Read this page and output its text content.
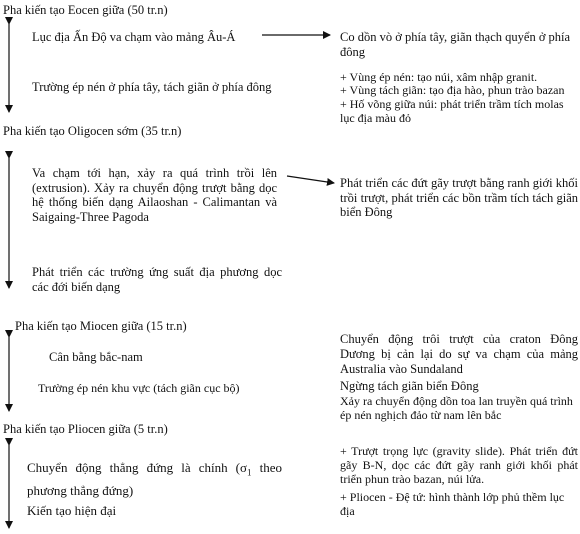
Pha kiến tạo Eocen giữa (50 tr.n)
Lục địa Ấn Độ va chạm vào mảng Âu-Á
Trường ép nén ở phía tây, tách giãn ở phía đông
Co dồn vò ở phía tây, giãn thạch quyển ở phía đông
+ Vùng ép nén: tạo núi, xâm nhập granit.
+ Vùng tách giãn: tạo địa hào, phun trào bazan
+ Hố võng giữa núi: phát triển trầm tích molas lục địa màu đỏ
Pha kiến tạo Oligocen sớm (35 tr.n)
Va chạm tới hạn, xảy ra quá trình trồi lên (extrusion). Xảy ra chuyển động trượt bằng dọc hệ thống biến dạng Ailaoshan - Calimantan và Saigaing-Three Pagoda
Phát triển các trường ứng suất địa phương dọc các đới biến dạng
Phát triển các đứt gãy trượt bằng ranh giới khối trồi trượt, phát triển các bồn trầm tích tách giãn biển Đông
Pha kiến tạo Miocen giữa (15 tr.n)
Cân bằng bắc-nam
Trường ép nén khu vực (tách giãn cục bộ)
Chuyển động trôi trượt của craton Đông Dương bị cản lại do sự va chạm của mảng Australia vào Sundaland
Ngừng tách giãn biển Đông
Xảy ra chuyển động dồn toa lan truyền quá trình ép nén nghịch đảo từ nam lên bắc
Pha kiến tạo Pliocen giữa (5 tr.n)
Chuyển động thẳng đứng là chính ($\sigma_1$ theo phương thẳng đứng)
Kiến tạo hiện đại
+ Trượt trọng lực (gravity slide). Phát triển đứt gãy B-N, dọc các đứt gãy ranh giới khối phát triển phun trào bazan, núi lửa.
+ Pliocen - Đệ tứ: hình thành lớp phủ thềm lục địa
